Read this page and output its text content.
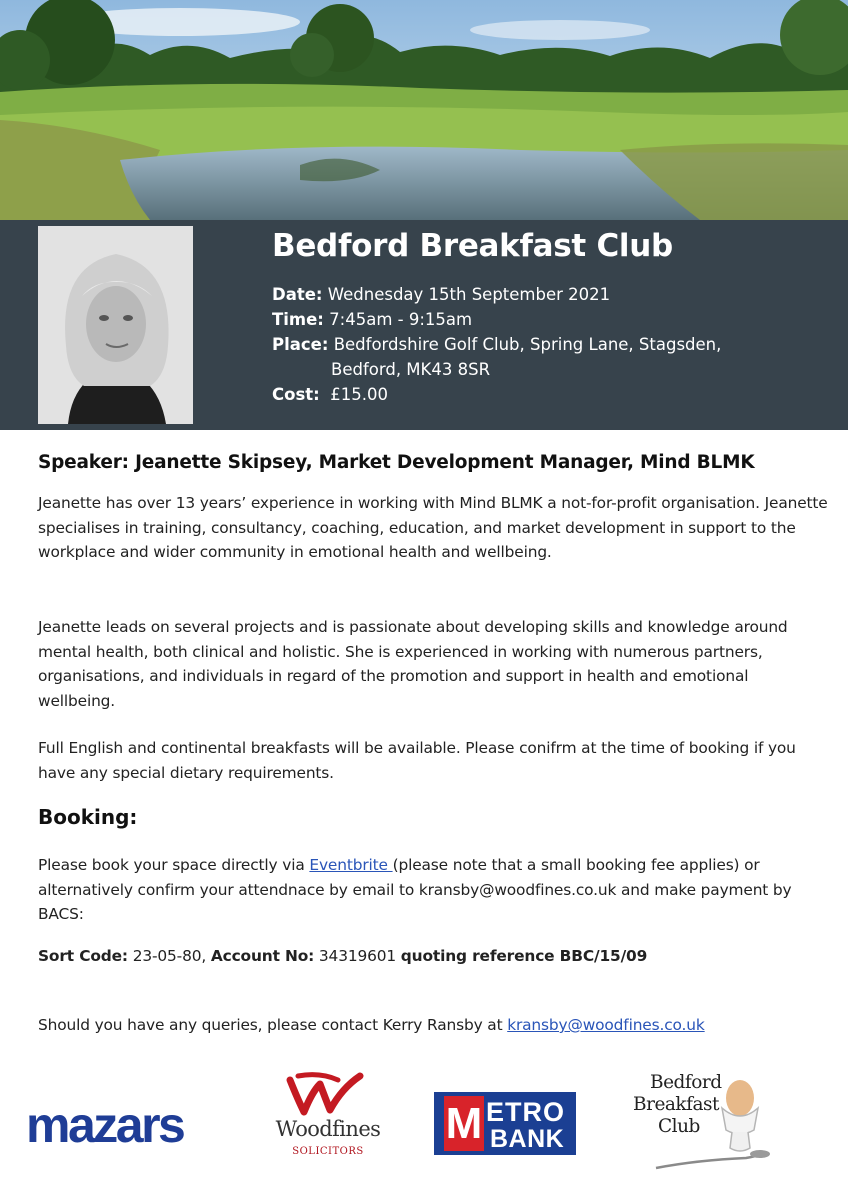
Bedford Breakfast Club
Date: Wednesday 15th September 2021
Time: 7:45am - 9:15am
Place: Bedfordshire Golf Club, Spring Lane, Stagsden,
Bedford, MK43 8SR
Cost: £15.00
Speaker: Jeanette Skipsey, Market Development Manager, Mind BLMK

Jeanette has over 13 years’ experience in working with Mind BLMK a not-for-profit organisation. Jeanette specialises in training, consultancy, coaching, education, and market development in support to the workplace and wider community in emotional health and wellbeing.

Jeanette leads on several projects and is passionate about developing skills and knowledge around mental health, both clinical and holistic. She is experienced in working with numerous partners, organisations, and individuals in regard of the promotion and support in health and emotional wellbeing.

Full English and continental breakfasts will be available. Please conifrm at the time of booking if you have any special dietary requirements.

Booking:

Please book your space directly via Eventbrite (please note that a small booking fee applies) or alternatively confirm your attendnace by email to kransby@woodfines.co.uk and make payment by BACS:

Sort Code: 23-05-80, Account No: 34319601 quoting reference BBC/15/09
Should you have any queries, please contact Kerry Ransby at kransby@woodfines.co.uk
mazars	Woodfines
SOLICITORS
M ETRO
BANK
Bedford
Breakfast
Club
